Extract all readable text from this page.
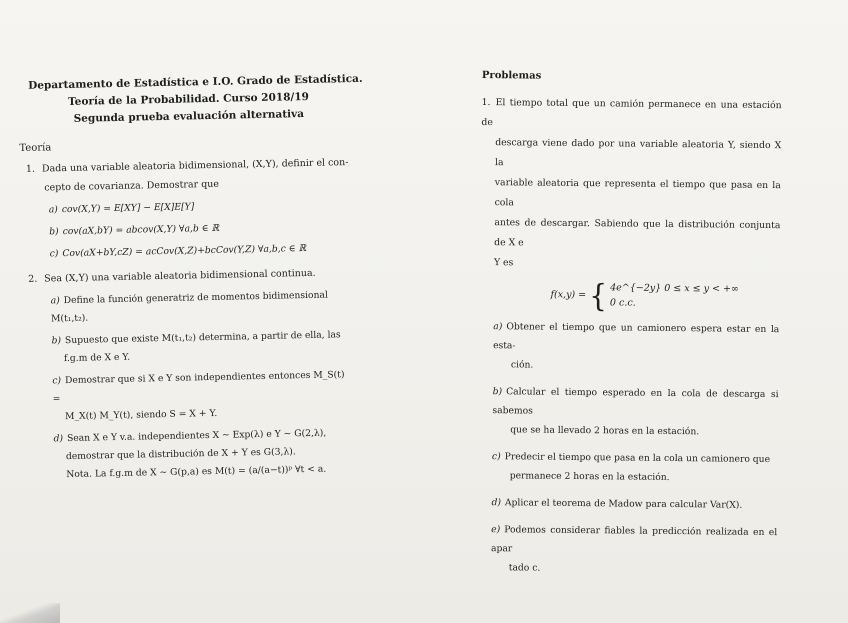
Departamento de Estadística e I.O. Grado de Estadística.
Teoría de la Probabilidad. Curso 2018/19
Segunda prueba evaluación alternativa
Teoría
1. Dada una variable aleatoria bidimensional, (X,Y), definir el con-
cepto de covarianza. Demostrar que
a) cov(X,Y) = E[XY] − E[X]E[Y]
b) cov(aX,bY) = abcov(X,Y) ∀a,b ∈ ℝ
c) Cov(aX+bY,cZ) = acCov(X,Z)+bcCov(Y,Z) ∀a,b,c ∈ ℝ
2. Sea (X,Y) una variable aleatoria bidimensional continua.
a) Define la función generatriz de momentos bidimensional M(t₁,t₂).
b) Supuesto que existe M(t₁,t₂) determina, a partir de ella, las
f.g.m de X e Y.
c) Demostrar que si X e Y son independientes entonces M_S(t) =
M_X(t) M_Y(t), siendo S = X + Y.
d) Sean X e Y v.a. independientes X ~ Exp(λ) e Y ~ G(2,λ),
demostrar que la distribución de X + Y es G(3,λ).
Nota. La f.g.m de X ~ G(p,a) es M(t) = (a/(a−t))ᵖ ∀t < a.
Problemas
1. El tiempo total que un camión permanece en una estación de
descarga viene dado por una variable aleatoria Y, siendo X la
variable aleatoria que representa el tiempo que pasa en la cola
antes de descargar. Sabiendo que la distribución conjunta de X e
Y es
f(x,y) = { 4e^{−2y} 0 ≤ x ≤ y < +∞
0 c.c.
a) Obtener el tiempo que un camionero espera estar en la esta-
ción.
b) Calcular el tiempo esperado en la cola de descarga si sabemos
que se ha llevado 2 horas en la estación.
c) Predecir el tiempo que pasa en la cola un camionero que
permanece 2 horas en la estación.
d) Aplicar el teorema de Madow para calcular Var(X).
e) Podemos considerar fiables la predicción realizada en el apar
tado c.
